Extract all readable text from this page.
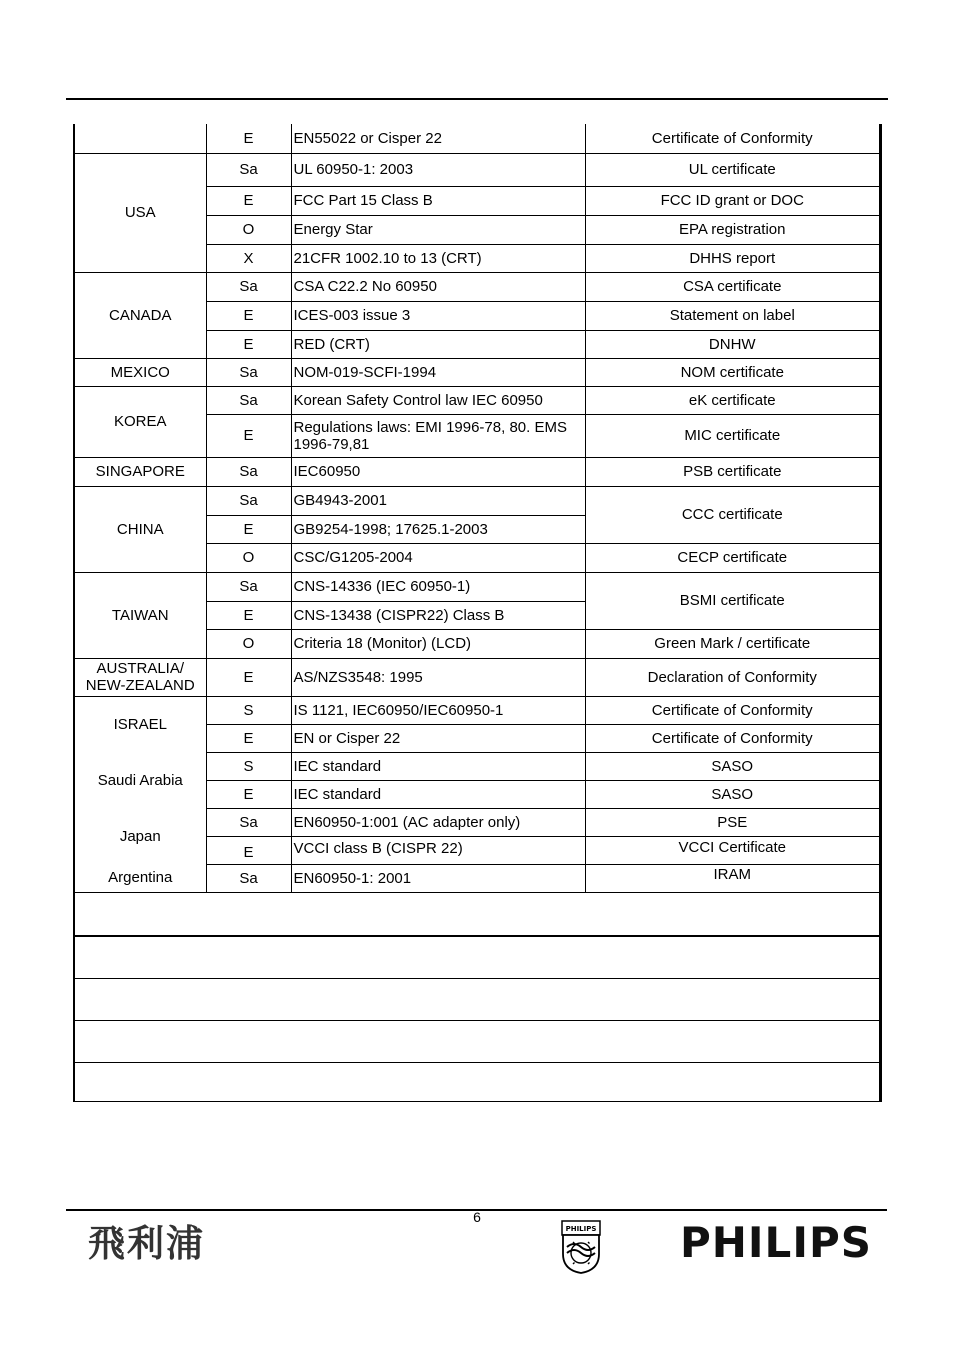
	E	EN55022 or Cisper 22	Certificate of Conformity
USA	Sa	UL 60950-1: 2003	UL certificate
	E	FCC Part 15 Class B	FCC ID grant or DOC
	O	Energy Star	EPA registration
	X	21CFR 1002.10 to 13 (CRT)	DHHS report
CANADA	Sa	CSA C22.2 No 60950	CSA certificate
	E	ICES-003 issue 3	Statement on label
	E	RED (CRT)	DNHW
MEXICO	Sa	NOM-019-SCFI-1994	NOM certificate
KOREA	Sa	Korean Safety Control law IEC 60950	eK certificate
	E	Regulations laws: EMI 1996-78, 80. EMS 1996-79,81	MIC certificate
SINGAPORE	Sa	IEC60950	PSB certificate
CHINA	Sa	GB4943-2001	CCC certificate
	E	GB9254-1998; 17625.1-2003	
	O	CSC/G1205-2004	CECP certificate
TAIWAN	Sa	CNS-14336 (IEC 60950-1)	BSMI certificate
	E	CNS-13438 (CISPR22) Class B	
	O	Criteria 18 (Monitor) (LCD)	Green Mark / certificate
AUSTRALIA/ NEW-ZEALAND	E	AS/NZS3548: 1995	Declaration of Conformity
ISRAEL	S	IS 1121, IEC60950/IEC60950-1	Certificate of Conformity
	E	EN or Cisper 22	Certificate of Conformity
Saudi Arabia	S	IEC standard	SASO
	E	IEC standard	SASO
Japan	Sa	EN60950-1:001 (AC adapter only)	PSE
	E	VCCI class B (CISPR 22)	VCCI Certificate
Argentina	Sa	EN60950-1: 2001	IRAM
6
飛利浦	PHILIPS PHILIPS
